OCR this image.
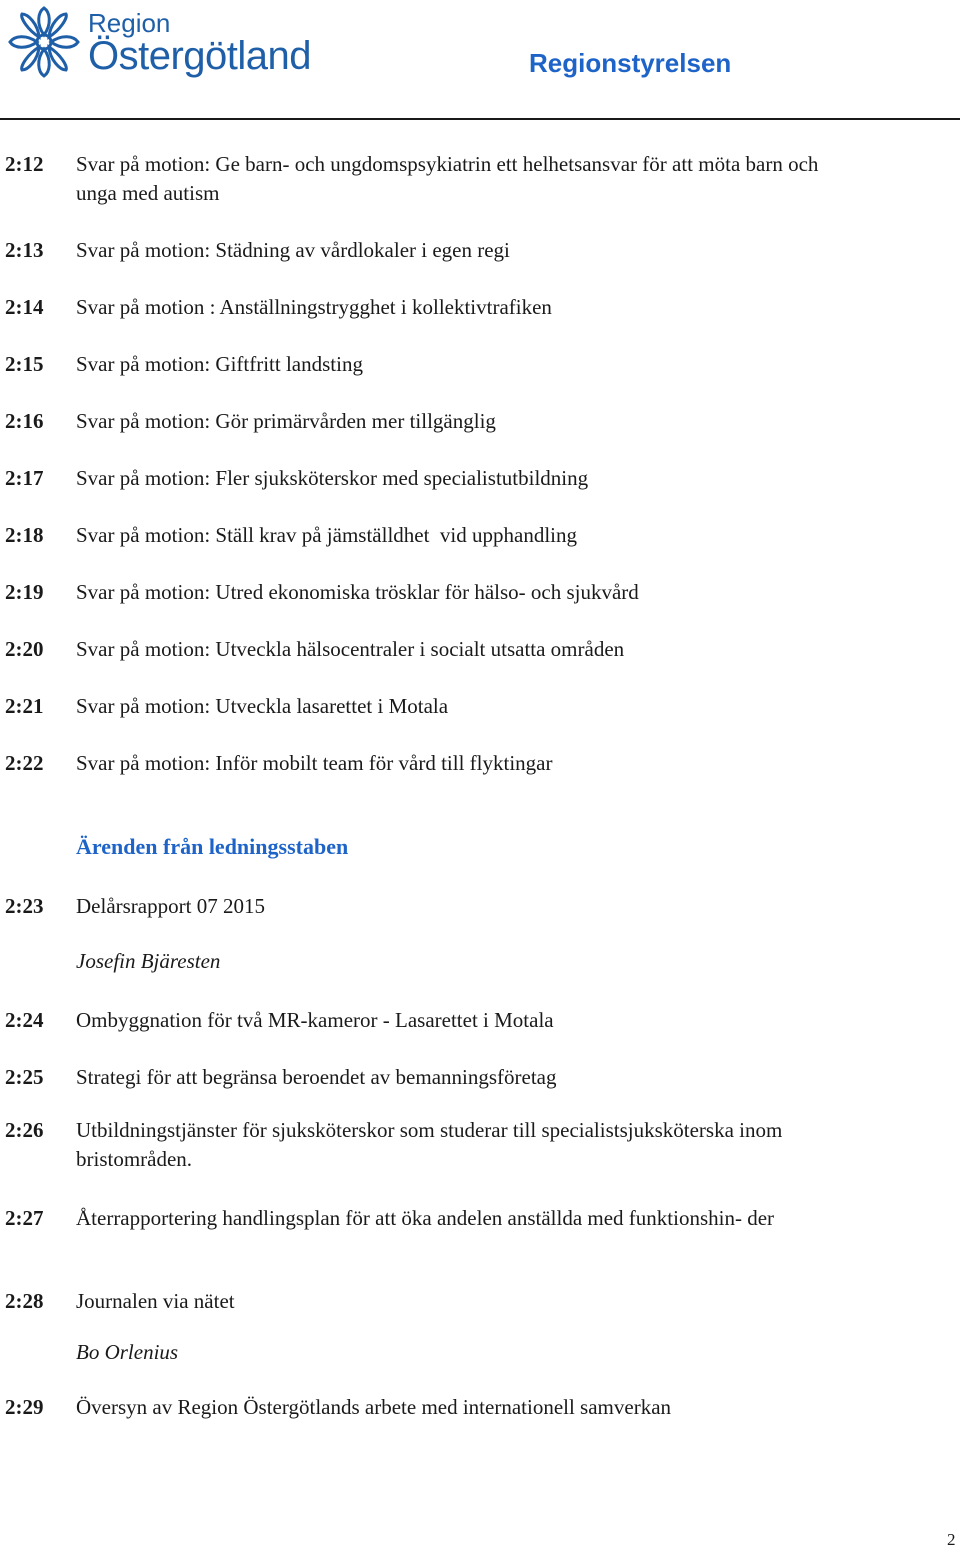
Region
Östergötland	Regionstyrelsen
2:12 Svar på motion: Ge barn- och ungdomspsykiatrin ett helhetsansvar för att möta barn och unga med autism
2:13 Svar på motion: Städning av vårdlokaler i egen regi
2:14 Svar på motion : Anställningstrygghet i kollektivtrafiken
2:15 Svar på motion: Giftfritt landsting
2:16 Svar på motion: Gör primärvården mer tillgänglig
2:17 Svar på motion: Fler sjuksköterskor med specialistutbildning
2:18 Svar på motion: Ställ krav på jämställdhet  vid upphandling
2:19 Svar på motion: Utred ekonomiska trösklar för hälso- och sjukvård
2:20 Svar på motion: Utveckla hälsocentraler i socialt utsatta områden
2:21 Svar på motion: Utveckla lasarettet i Motala
2:22 Svar på motion: Inför mobilt team för vård till flyktingar
Ärenden från ledningsstaben
2:23 Delårsrapport 07 2015
Josefin Bjäresten
2:24 Ombyggnation för två MR-kameror - Lasarettet i Motala
2:25 Strategi för att begränsa beroendet av bemanningsföretag
2:26 Utbildningstjänster för sjuksköterskor som studerar till specialistsjuksköterska inom bristområden.
2:27 Återrapportering handlingsplan för att öka andelen anställda med funktionshin- der
2:28 Journalen via nätet
Bo Orlenius
2:29 Översyn av Region Östergötlands arbete med internationell samverkan
2
